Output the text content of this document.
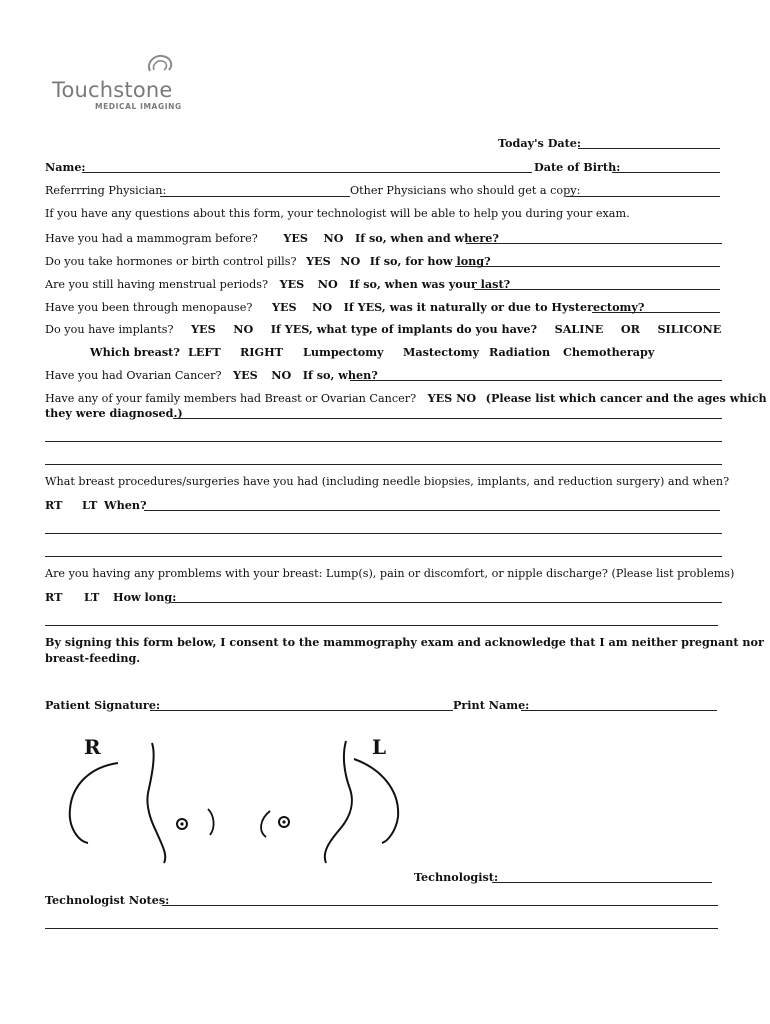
Touchstone
MEDICAL IMAGING
Today's Date:
Name:	Date of Birth:
Referrring Physician:	Other Physicians who should get a copy:
If you have any questions about this form, your technologist will be able to help you during your exam.
Have you had a mammogram before? YES NO If so, when and where?
Do you take hormones or birth control pills? YES NO If so, for how long?
Are you still having menstrual periods? YES NO If so, when was your last?
Have you been through menopause? YES NO If YES, was it naturally or due to Hysterectomy?
Do you have implants? YES NO If YES, what type of implants do you have? SALINE OR SILICONE
Which breast? LEFT RIGHT Lumpectomy Mastectomy Radiation Chemotherapy
Have you had Ovarian Cancer? YES NO If so, when?
Have any of your family members had Breast or Ovarian Cancer? YES NO (Please list which cancer and the ages which
they were diagnosed.)
What breast procedures/surgeries have you had (including needle biopsies, implants, and reduction surgery) and when?
RT LT When?
Are you having any promblems with your breast: Lump(s), pain or discomfort, or nipple discharge? (Please list problems)
RT LT How long:
By signing this form below, I consent to the mammography exam and acknowledge that I am neither pregnant nor
breast-feeding.
Patient Signature:	Print Name:
R	L
Technologist:
Technologist Notes:
